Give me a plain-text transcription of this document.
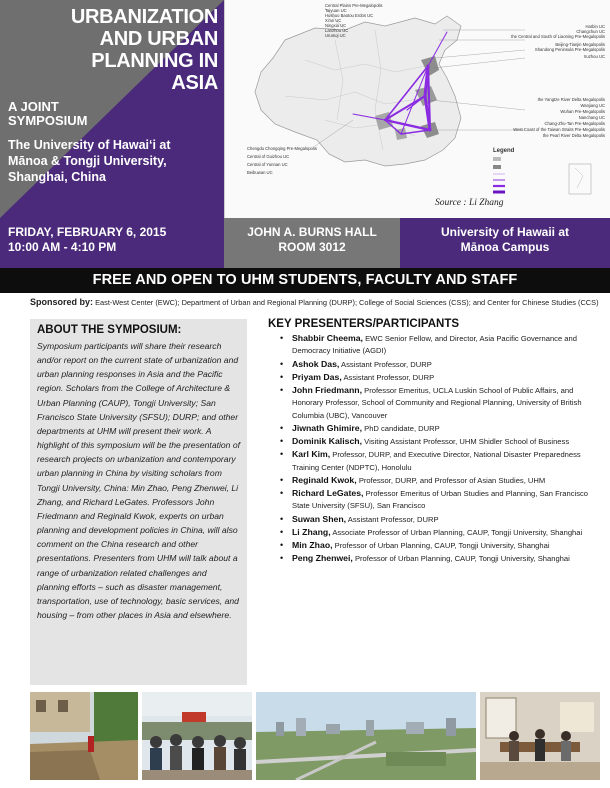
URBANIZATION AND URBAN PLANNING IN ASIA
A JOINT SYMPOSIUM
The University of Hawai‘i at Mānoa & Tongji University, Shanghai, China
Central Plains Pre-Megalopolis
Taiyuan UC
Hushuo Baotou Erdos UC
Xi'an UC
Ningxia UC
Lanzhou UC
Urumqi UC
Harbin UC
Changchun UC
the Central and South of Liaoning Pre-Megalopolis
Beijing-Tianjin Megalopolis
Shandong Peninsula Pre-Megalopolis
Xuzhou UC
the Yangtze River Delta Megalopolis
Wanjiang UC
Wuhan Pre-Megalopolis
Nanchang UC
Chang-Zhu-Tan Pre-Megalopolis
West Coast of the Taiwan Straits Pre-Megalopolis
the Pearl River Delta Megalopolis
Chengdu Chongqing Pre-Megalopolis
Central of Guizhou UC
Central of Yunnan UC
Beibuwan UC
Legend
Source : Li Zhang
FRIDAY, FEBRUARY 6, 2015
10:00 AM - 4:10 PM
JOHN A. BURNS HALL
ROOM 3012
University of Hawaii at
Mānoa Campus
FREE AND OPEN TO UHM STUDENTS, FACULTY AND STAFF
Sponsored by: East-West Center (EWC); Department of Urban and Regional Planning (DURP); College of Social Sciences (CSS); and Center for Chinese Studies (CCS)
ABOUT THE SYMPOSIUM:
Symposium participants will share their research and/or report on the current state of urbanization and urban planning responses in Asia and the Pacific region. Scholars from the College of Architecture & Urban Planning (CAUP), Tongji University; San Francisco State University (SFSU); DURP; and other departments at UHM will present their work. A highlight of this symposium will be the presentation of research projects on urbanization and contemporary urban planning in China by visiting scholars from Tongji University, China: Min Zhao, Peng Zhenwei, Li Zhang, and Richard LeGates. Professors John Friedmann and Reginald Kwok, experts on urban planning and development policies in China, will also comment on the China research and other presentations. Presenters from UHM will talk about a range of urbanization related challenges and planning efforts – such as disaster management, transportation, use of technology, basic services, and housing – from other places in Asia and elsewhere.
KEY PRESENTERS/PARTICIPANTS
• Shabbir Cheema, EWC Senior Fellow, and Director, Asia Pacific Governance and Democracy Initiative (AGDI)
• Ashok Das, Assistant Professor, DURP
• Priyam Das, Assistant Professor, DURP
• John Friedmann, Professor Emeritus, UCLA Luskin School of Public Affairs, and Honorary Professor, School of Community and Regional Planning, University of British Columbia (UBC), Vancouver
• Jiwnath Ghimire, PhD candidate, DURP
• Dominik Kalisch, Visiting Assistant Professor, UHM Shidler School of Business
• Karl Kim, Professor, DURP, and Executive Director, National Disaster Preparedness Training Center (NDPTC), Honolulu
• Reginald Kwok, Professor, DURP, and Professor of Asian Studies, UHM
• Richard LeGates, Professor Emeritus of Urban Studies and Planning, San Francisco State University (SFSU), San Francisco
• Suwan Shen, Assistant Professor, DURP
• Li Zhang, Associate Professor of Urban Planning, CAUP, Tongji University, Shanghai
• Min Zhao, Professor of Urban Planning, CAUP, Tongji University, Shanghai
• Peng Zhenwei, Professor of Urban Planning, CAUP, Tongji University, Shanghai
